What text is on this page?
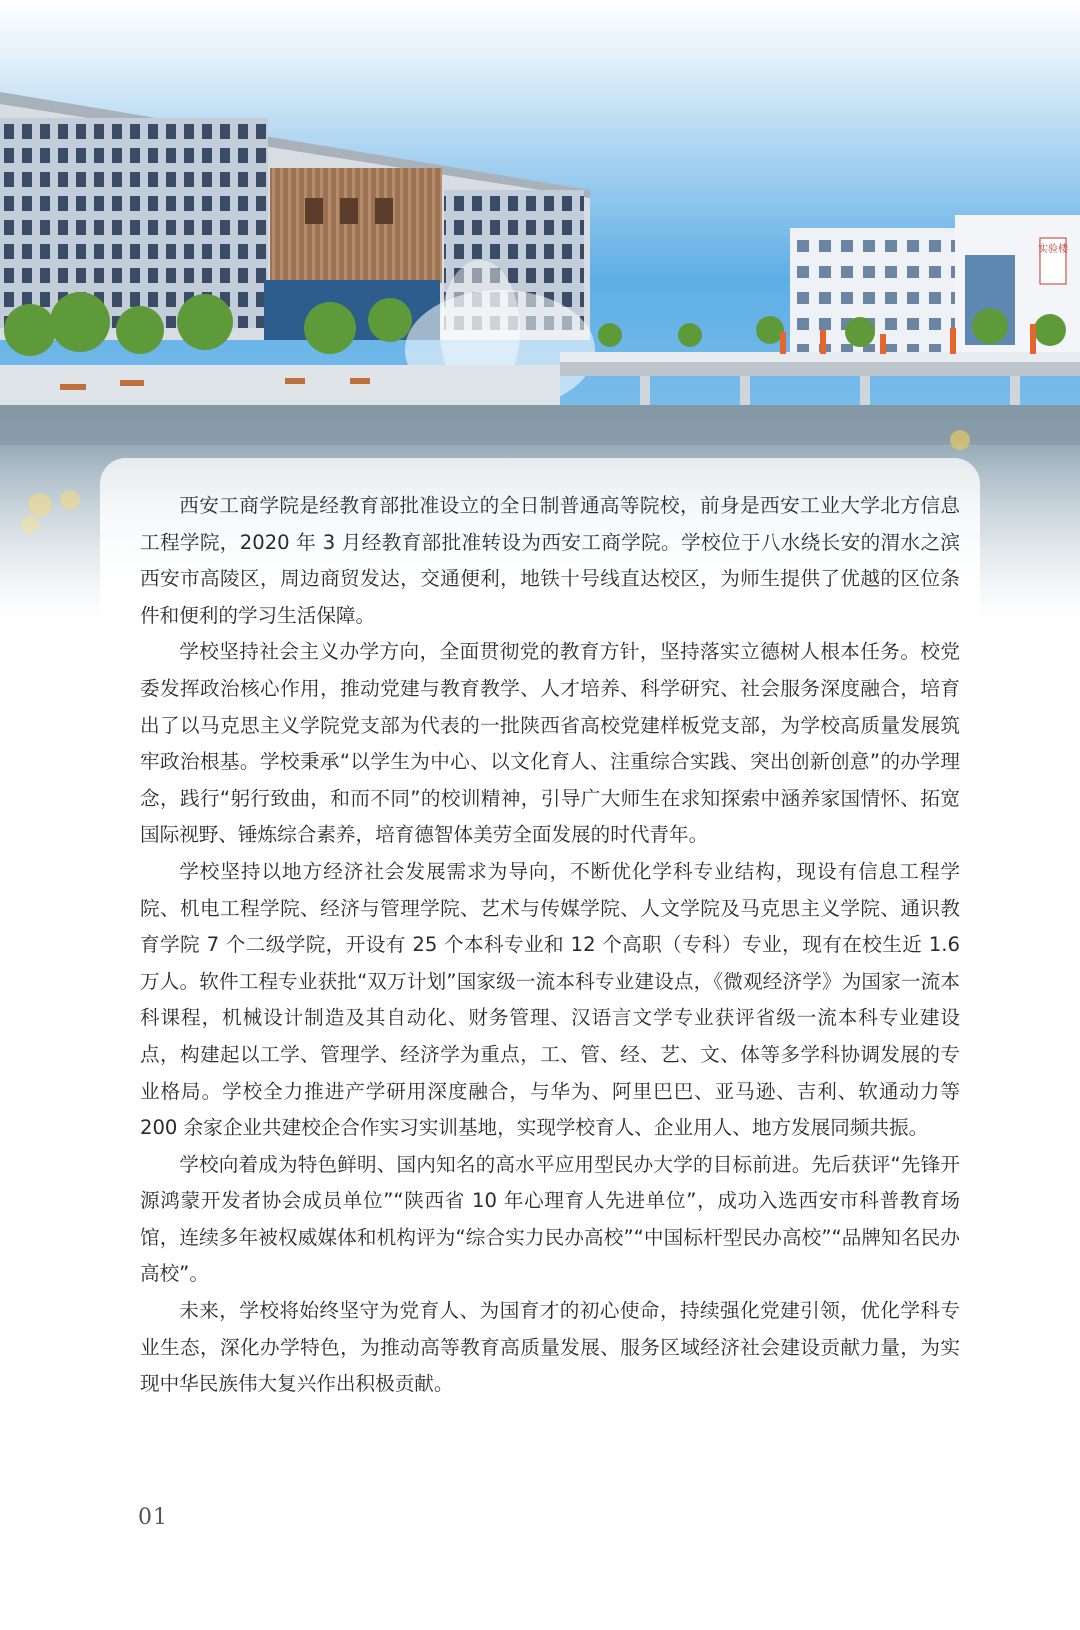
实验楼

西安工商学院是经教育部批准设立的全日制普通高等院校，前身是西安工业大学北方信息工程学院，2020 年 3 月经教育部批准转设为西安工商学院。学校位于八水绕长安的渭水之滨西安市高陵区，周边商贸发达，交通便利，地铁十号线直达校区，为师生提供了优越的区位条件和便利的学习生活保障。

学校坚持社会主义办学方向，全面贯彻党的教育方针，坚持落实立德树人根本任务。校党委发挥政治核心作用，推动党建与教育教学、人才培养、科学研究、社会服务深度融合，培育出了以马克思主义学院党支部为代表的一批陕西省高校党建样板党支部，为学校高质量发展筑牢政治根基。学校秉承“以学生为中心、以文化育人、注重综合实践、突出创新创意”的办学理念，践行“躬行致曲，和而不同”的校训精神，引导广大师生在求知探索中涵养家国情怀、拓宽国际视野、锤炼综合素养，培育德智体美劳全面发展的时代青年。

学校坚持以地方经济社会发展需求为导向，不断优化学科专业结构，现设有信息工程学院、机电工程学院、经济与管理学院、艺术与传媒学院、人文学院及马克思主义学院、通识教育学院 7 个二级学院，开设有 25 个本科专业和 12 个高职（专科）专业，现有在校生近 1.6 万人。软件工程专业获批“双万计划”国家级一流本科专业建设点，《微观经济学》为国家一流本科课程，机械设计制造及其自动化、财务管理、汉语言文学专业获评省级一流本科专业建设点，构建起以工学、管理学、经济学为重点，工、管、经、艺、文、体等多学科协调发展的专业格局。学校全力推进产学研用深度融合，与华为、阿里巴巴、亚马逊、吉利、软通动力等 200 余家企业共建校企合作实习实训基地，实现学校育人、企业用人、地方发展同频共振。

学校向着成为特色鲜明、国内知名的高水平应用型民办大学的目标前进。先后获评“先锋开源鸿蒙开发者协会成员单位”“陕西省 10 年心理育人先进单位”，成功入选西安市科普教育场馆，连续多年被权威媒体和机构评为“综合实力民办高校”“中国标杆型民办高校”“品牌知名民办高校”。

未来，学校将始终坚守为党育人、为国育才的初心使命，持续强化党建引领，优化学科专业生态，深化办学特色，为推动高等教育高质量发展、服务区域经济社会建设贡献力量，为实现中华民族伟大复兴作出积极贡献。

01
